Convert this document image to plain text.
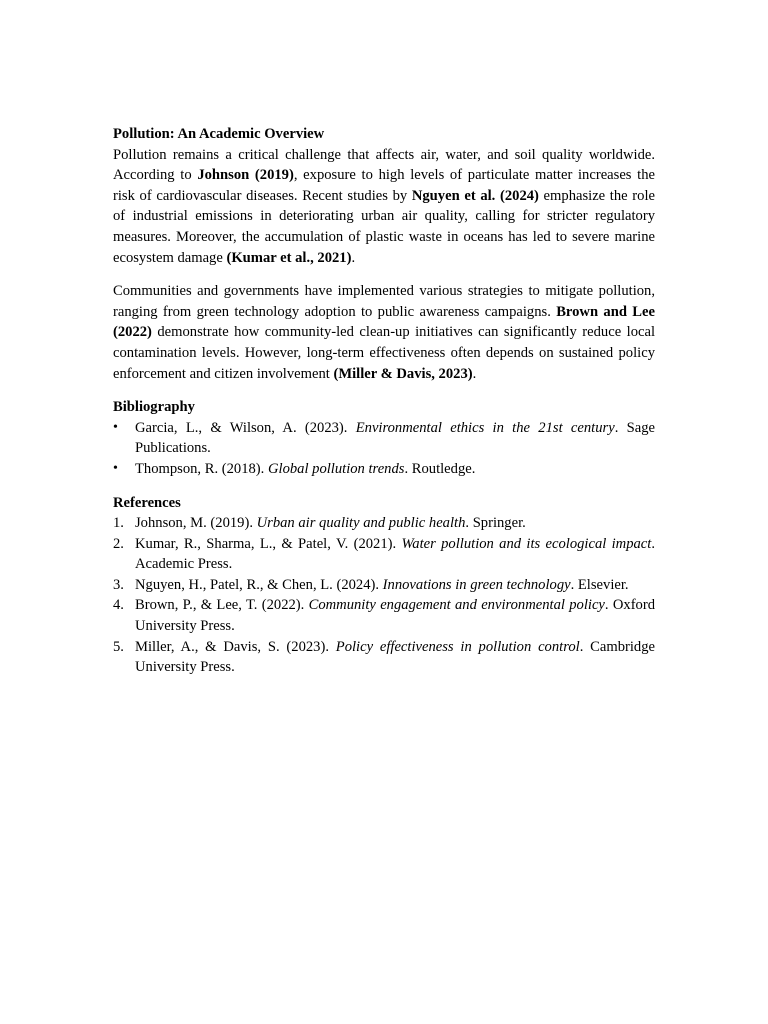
Pollution: An Academic Overview

Pollution remains a critical challenge that affects air, water, and soil quality worldwide. According to Johnson (2019), exposure to high levels of particulate matter increases the risk of cardiovascular diseases. Recent studies by Nguyen et al. (2024) emphasize the role of industrial emissions in deteriorating urban air quality, calling for stricter regulatory measures. Moreover, the accumulation of plastic waste in oceans has led to severe marine ecosystem damage (Kumar et al., 2021).

Communities and governments have implemented various strategies to mitigate pollution, ranging from green technology adoption to public awareness campaigns. Brown and Lee (2022) demonstrate how community-led clean-up initiatives can significantly reduce local contamination levels. However, long-term effectiveness often depends on sustained policy enforcement and citizen involvement (Miller & Davis, 2023).

Bibliography

• Garcia, L., & Wilson, A. (2023). Environmental ethics in the 21st century. Sage Publications.
• Thompson, R. (2018). Global pollution trends. Routledge.

References

1. Johnson, M. (2019). Urban air quality and public health. Springer.
2. Kumar, R., Sharma, L., & Patel, V. (2021). Water pollution and its ecological impact. Academic Press.
3. Nguyen, H., Patel, R., & Chen, L. (2024). Innovations in green technology. Elsevier.
4. Brown, P., & Lee, T. (2022). Community engagement and environmental policy. Oxford University Press.
5. Miller, A., & Davis, S. (2023). Policy effectiveness in pollution control. Cambridge University Press.
